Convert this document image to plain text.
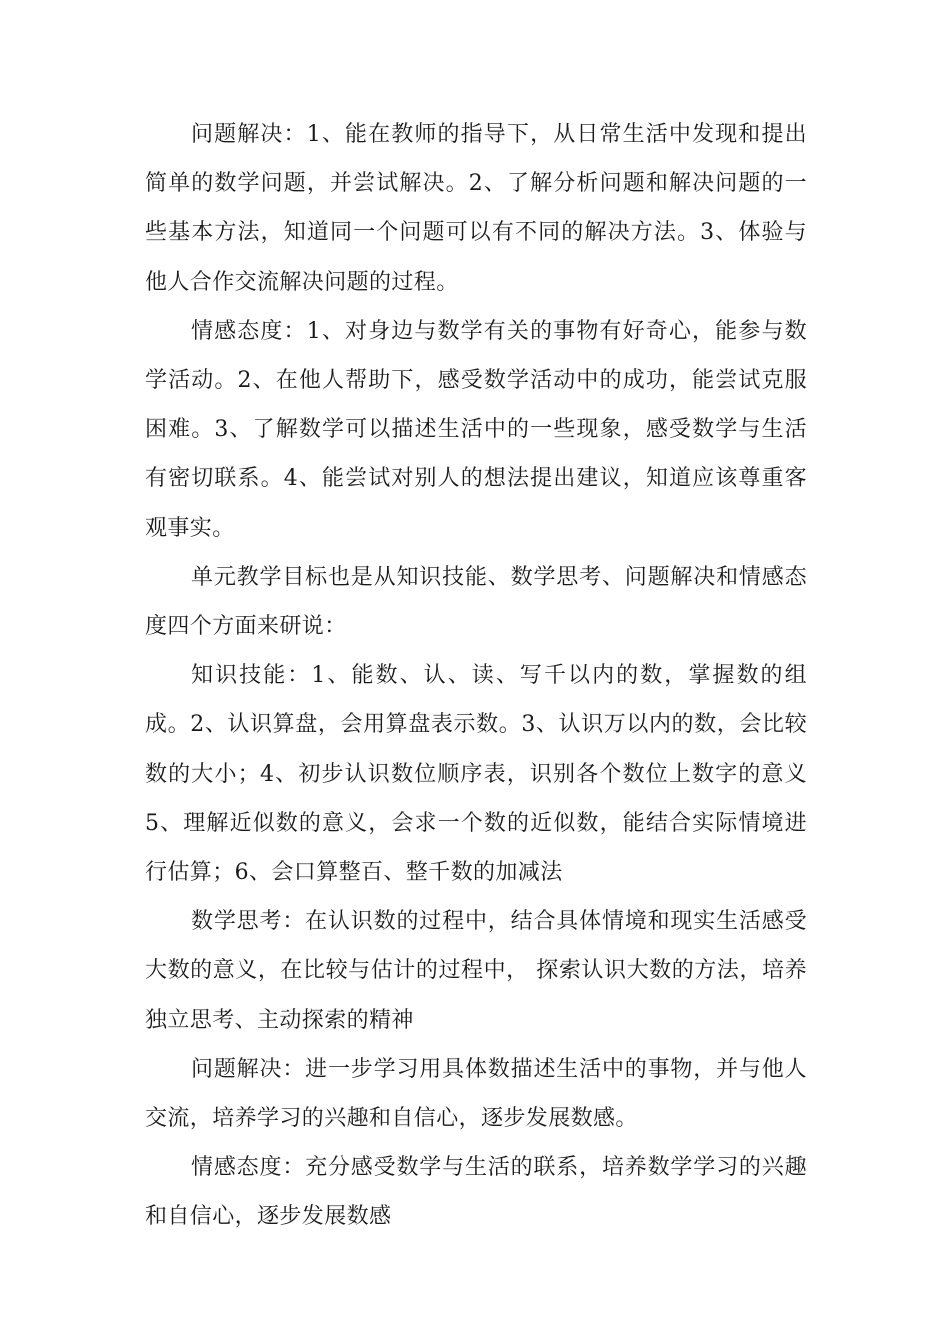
问题解决：1、能在教师的指导下，从日常生活中发现和提出简单的数学问题，并尝试解决。2、了解分析问题和解决问题的一些基本方法，知道同一个问题可以有不同的解决方法。3、体验与他人合作交流解决问题的过程。

情感态度：1、对身边与数学有关的事物有好奇心，能参与数学活动。2、在他人帮助下，感受数学活动中的成功，能尝试克服困难。3、了解数学可以描述生活中的一些现象，感受数学与生活有密切联系。4、能尝试对别人的想法提出建议，知道应该尊重客观事实。

单元教学目标也是从知识技能、数学思考、问题解决和情感态度四个方面来研说：

知识技能：1、能数、认、读、写千以内的数，掌握数的组成。2、认识算盘，会用算盘表示数。3、认识万以内的数，会比较数的大小；4、初步认识数位顺序表，识别各个数位上数字的意义5、理解近似数的意义，会求一个数的近似数，能结合实际情境进行估算；6、会口算整百、整千数的加减法

数学思考：在认识数的过程中，结合具体情境和现实生活感受大数的意义，在比较与估计的过程中， 探索认识大数的方法，培养独立思考、主动探索的精神

问题解决：进一步学习用具体数描述生活中的事物，并与他人交流，培养学习的兴趣和自信心，逐步发展数感。

情感态度：充分感受数学与生活的联系，培养数学学习的兴趣和自信心，逐步发展数感
